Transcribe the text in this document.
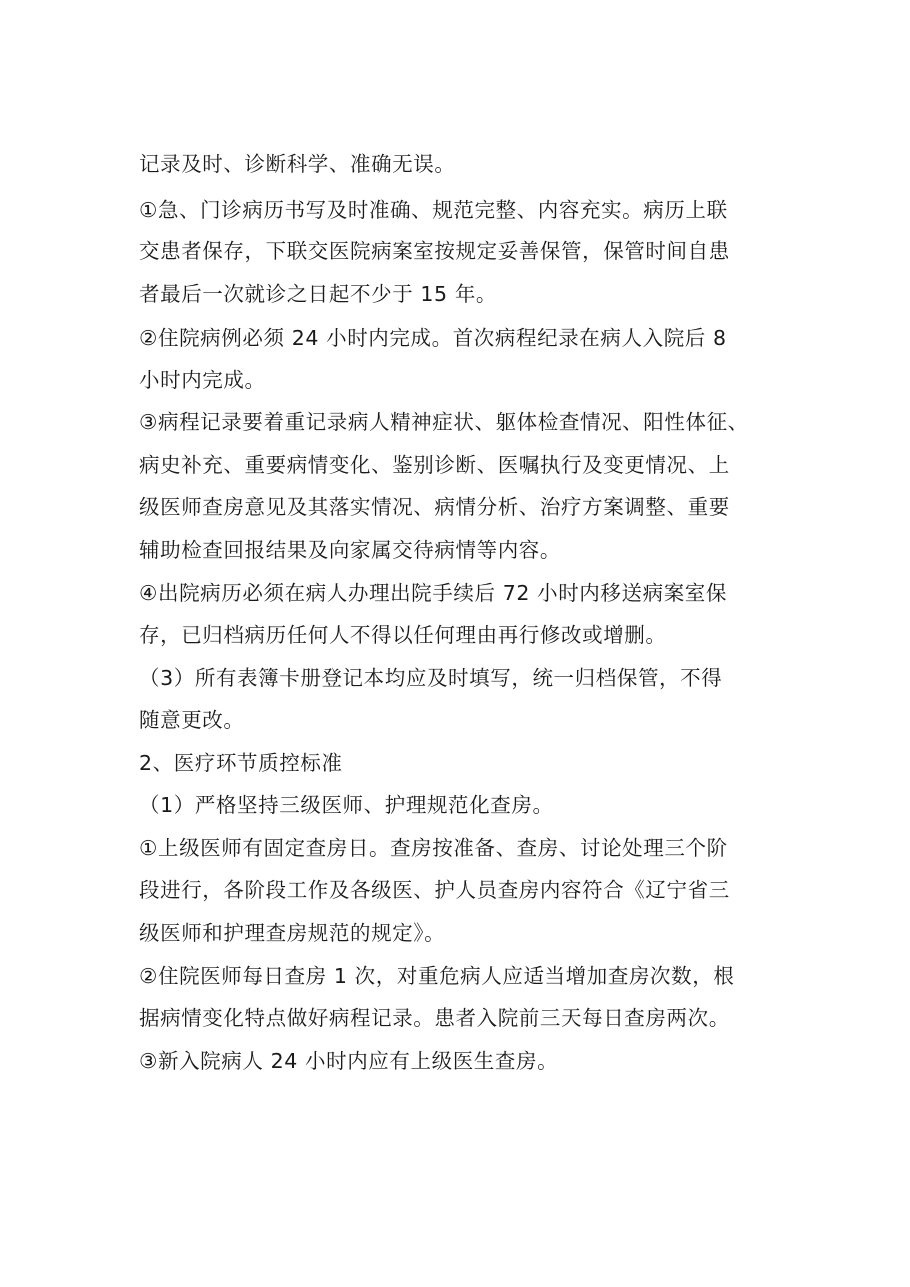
记录及时、诊断科学、准确无误。
①急、门诊病历书写及时准确、规范完整、内容充实。病历上联
交患者保存，下联交医院病案室按规定妥善保管，保管时间自患
者最后一次就诊之日起不少于 15 年。
②住院病例必须 24 小时内完成。首次病程纪录在病人入院后 8
小时内完成。
③病程记录要着重记录病人精神症状、躯体检查情况、阳性体征、
病史补充、重要病情变化、鉴别诊断、医嘱执行及变更情况、上
级医师查房意见及其落实情况、病情分析、治疗方案调整、重要
辅助检查回报结果及向家属交待病情等内容。
④出院病历必须在病人办理出院手续后 72 小时内移送病案室保
存，已归档病历任何人不得以任何理由再行修改或增删。
（3）所有表簿卡册登记本均应及时填写，统一归档保管，不得
随意更改。
2、医疗环节质控标准
（1）严格坚持三级医师、护理规范化查房。
①上级医师有固定查房日。查房按准备、查房、讨论处理三个阶
段进行，各阶段工作及各级医、护人员查房内容符合《辽宁省三
级医师和护理查房规范的规定》。
②住院医师每日查房 1 次，对重危病人应适当增加查房次数，根
据病情变化特点做好病程记录。患者入院前三天每日查房两次。
③新入院病人 24 小时内应有上级医生查房。
